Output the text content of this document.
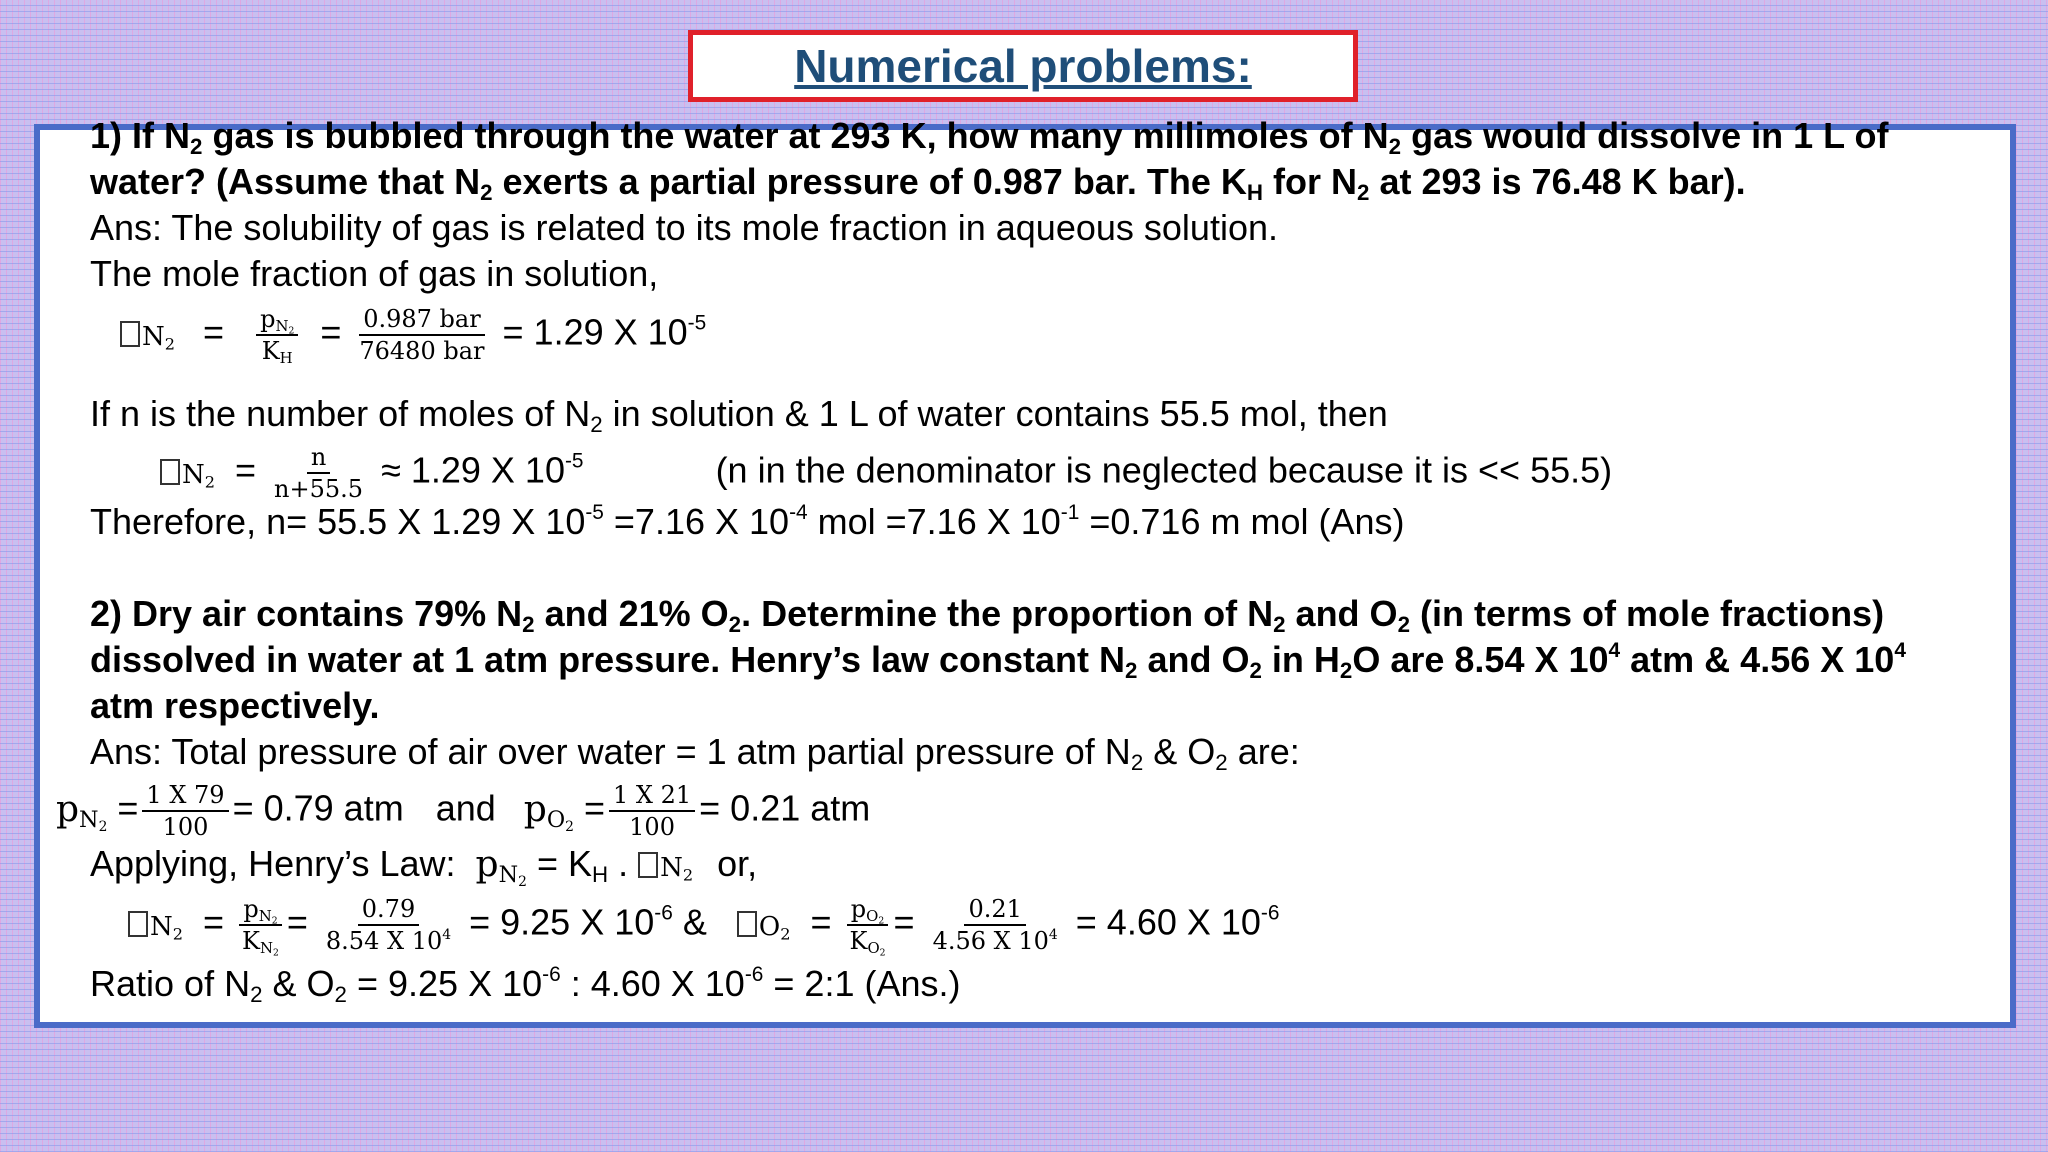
Numerical problems:
1) If $N_2$ gas is bubbled through the water at 293 K, how many millimoles of $N_2$ gas would dissolve in 1 L of
water? (Assume that $N_2$ exerts a partial pressure of 0.987 bar. The $K_H$ for $N_2$ at 293 is 76.48 K bar).
Ans: The solubility of gas is related to its mole fraction in aqueous solution.
The mole fraction of gas in solution,
$N_2 = \frac{p_{N_2}}{K_H} = \frac{\text{0.987 bar}}{\text{76480 bar}} = 1.29$ X $10^{-5}$
If n is the number of moles of $N_2$ in solution & 1 L of water contains 55.5 mol, then
$N_2 = \frac{n}{n+55.5} \approx 1.29$ X $10^{-5}$	(n in the denominator is neglected because it is << 55.5)
Therefore, n= 55.5 X 1.29 X $10^{-5} =7.16$ X $10^{-4}$ mol =7.16 X $10^{-1} =0.716$ m mol (Ans)
2) Dry air contains 79% $N_2$ and 21% $O_2$. Determine the proportion of $N_2$ and $O_2$ (in terms of mole fractions)
dissolved in water at 1 atm pressure. Henry’s law constant $N_2$ and $O_2$ in $H_2O$ are 8.54 X $10^4$ atm & 4.56 X $10^4$
atm respectively.
Ans: Total pressure of air over water = 1 atm partial pressure of $N_2$ & $O_2$ are:
$p_{N_2} = \frac{1 X 79}{100} = 0.79$ atm and $p_{O_2} = \frac{1 X 21}{100} = 0.21$ atm
Applying, Henry’s Law: $p_{N_2} = K_H$ . $N_2$ or,
$N_2 = \frac{p_{N_2}}{K_{N_2}} = \frac{0.79}{8.54 X 10^4} = 9.25$ X $10^{-6}$ & $O_2 = \frac{p_{O_2}}{K_{O_2}} = \frac{0.21}{4.56 X 10^4} = 4.60$ X $10^{-6}$
Ratio of $N_2$ & $O_2 = 9.25$ X $10^{-6}$ : 4.60 X $10^{-6}$ = 2:1 (Ans.)
